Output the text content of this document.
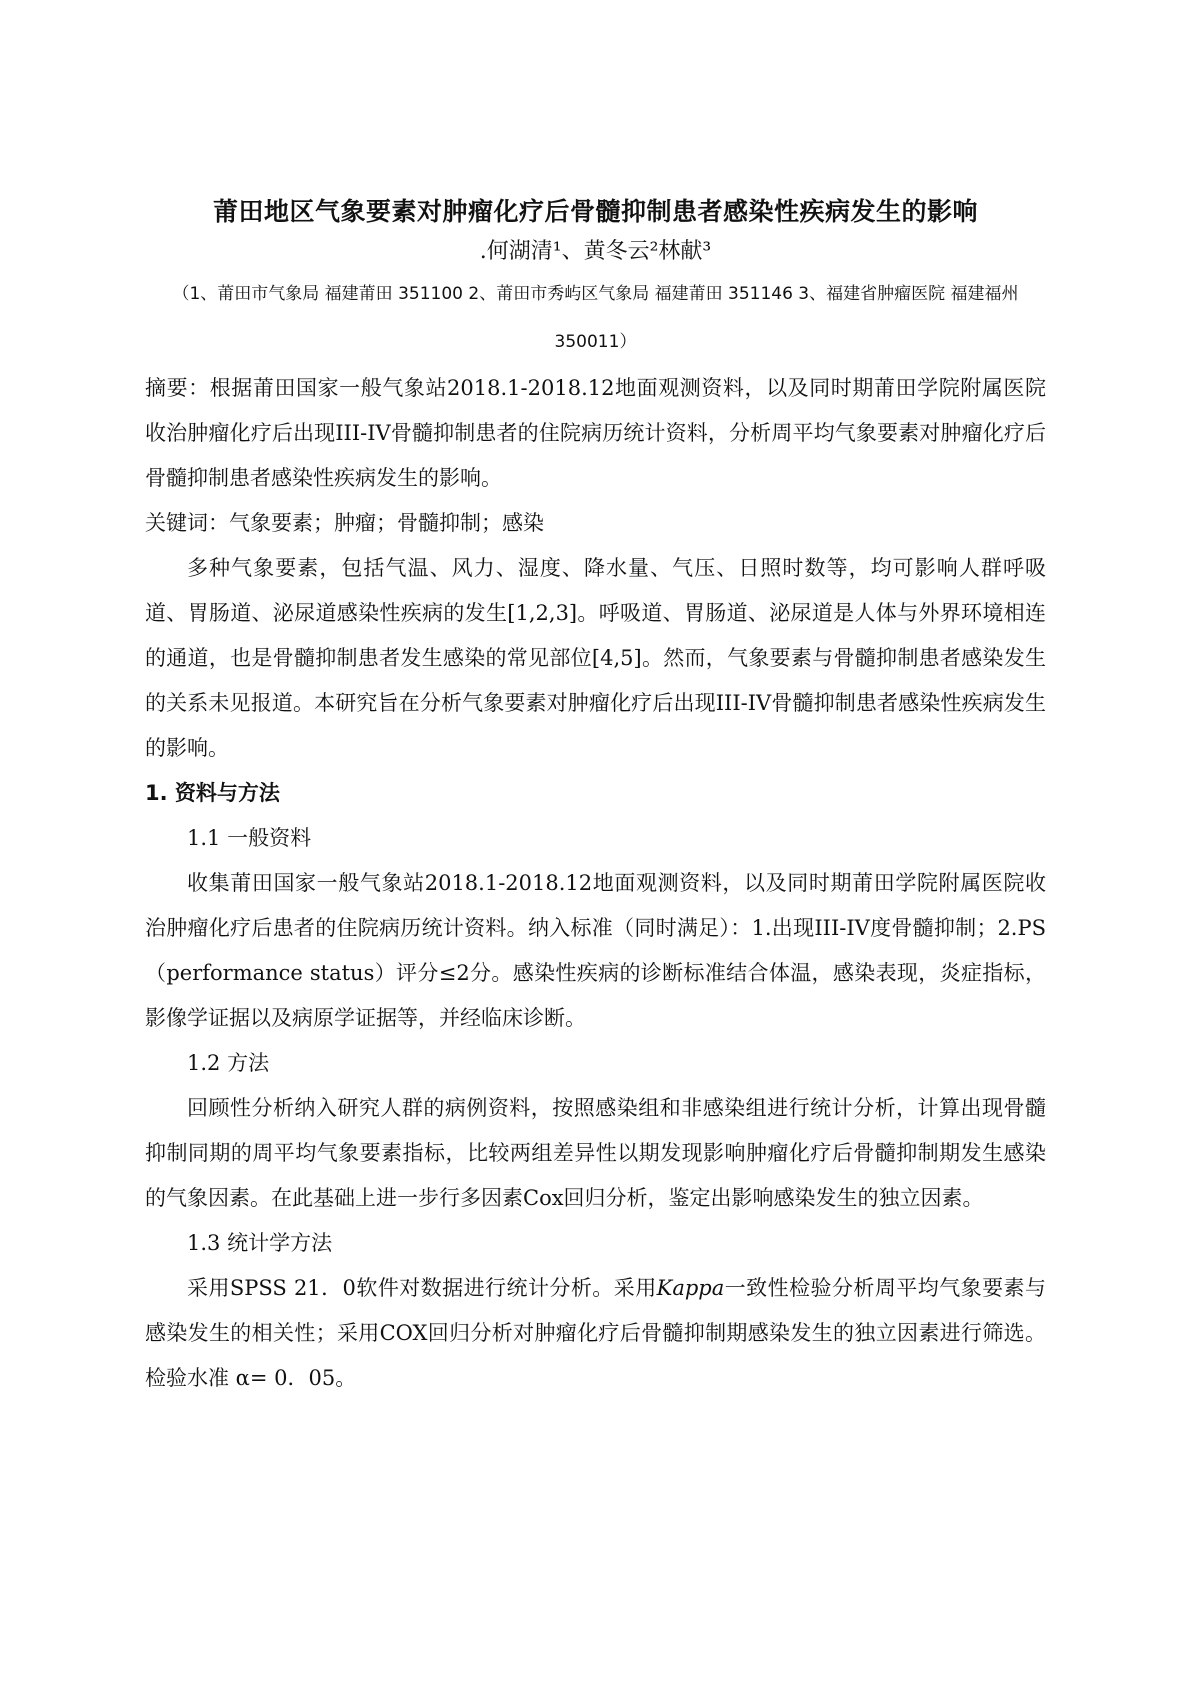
莆田地区气象要素对肿瘤化疗后骨髓抑制患者感染性疾病发生的影响
.何湖清¹、黄冬云²林献³
（1、莆田市气象局 福建莆田 351100 2、莆田市秀屿区气象局 福建莆田 351146 3、福建省肿瘤医院 福建福州 350011）

摘要：根据莆田国家一般气象站2018.1-2018.12地面观测资料，以及同时期莆田学院附属医院收治肿瘤化疗后出现III-IV骨髓抑制患者的住院病历统计资料，分析周平均气象要素对肿瘤化疗后骨髓抑制患者感染性疾病发生的影响。

关键词：气象要素；肿瘤；骨髓抑制；感染

多种气象要素，包括气温、风力、湿度、降水量、气压、日照时数等，均可影响人群呼吸道、胃肠道、泌尿道感染性疾病的发生[1,2,3]。呼吸道、胃肠道、泌尿道是人体与外界环境相连的通道，也是骨髓抑制患者发生感染的常见部位[4,5]。然而，气象要素与骨髓抑制患者感染发生的关系未见报道。本研究旨在分析气象要素对肿瘤化疗后出现III-IV骨髓抑制患者感染性疾病发生的影响。

1. 资料与方法

1.1 一般资料

收集莆田国家一般气象站2018.1-2018.12地面观测资料，以及同时期莆田学院附属医院收治肿瘤化疗后患者的住院病历统计资料。纳入标准（同时满足）：1.出现III-IV度骨髓抑制；2.PS（performance status）评分≤2分。感染性疾病的诊断标准结合体温，感染表现，炎症指标，影像学证据以及病原学证据等，并经临床诊断。

1.2 方法

回顾性分析纳入研究人群的病例资料，按照感染组和非感染组进行统计分析，计算出现骨髓抑制同期的周平均气象要素指标，比较两组差异性以期发现影响肿瘤化疗后骨髓抑制期发生感染的气象因素。在此基础上进一步行多因素Cox回归分析，鉴定出影响感染发生的独立因素。

1.3 统计学方法

采用SPSS 21．0软件对数据进行统计分析。采用Kappa一致性检验分析周平均气象要素与感染发生的相关性；采用COX回归分析对肿瘤化疗后骨髓抑制期感染发生的独立因素进行筛选。检验水准 α= 0．05。
